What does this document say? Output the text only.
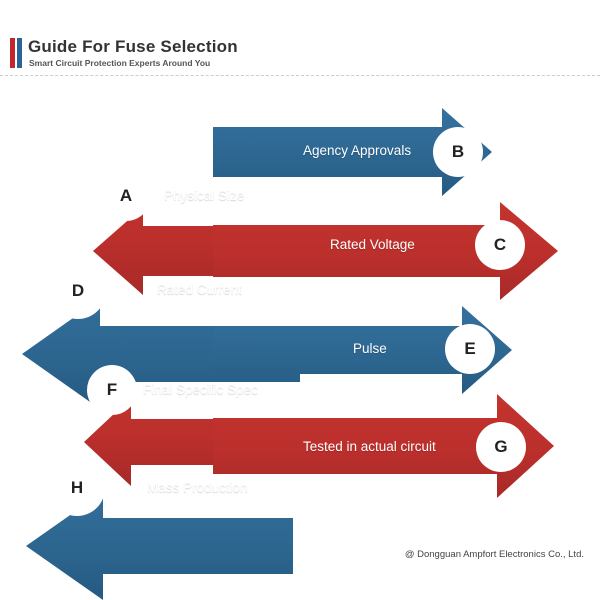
Guide For Fuse Selection
Smart Circuit Protection Experts Around You
Agency Approvals
Physical Size
Rated Voltage
Rated Current
Pulse
Final Specific Spec
Tested in actual circuit
Mass Production
B
A
C
D
E
F
G
H
@ Dongguan Ampfort Electronics Co., Ltd.
